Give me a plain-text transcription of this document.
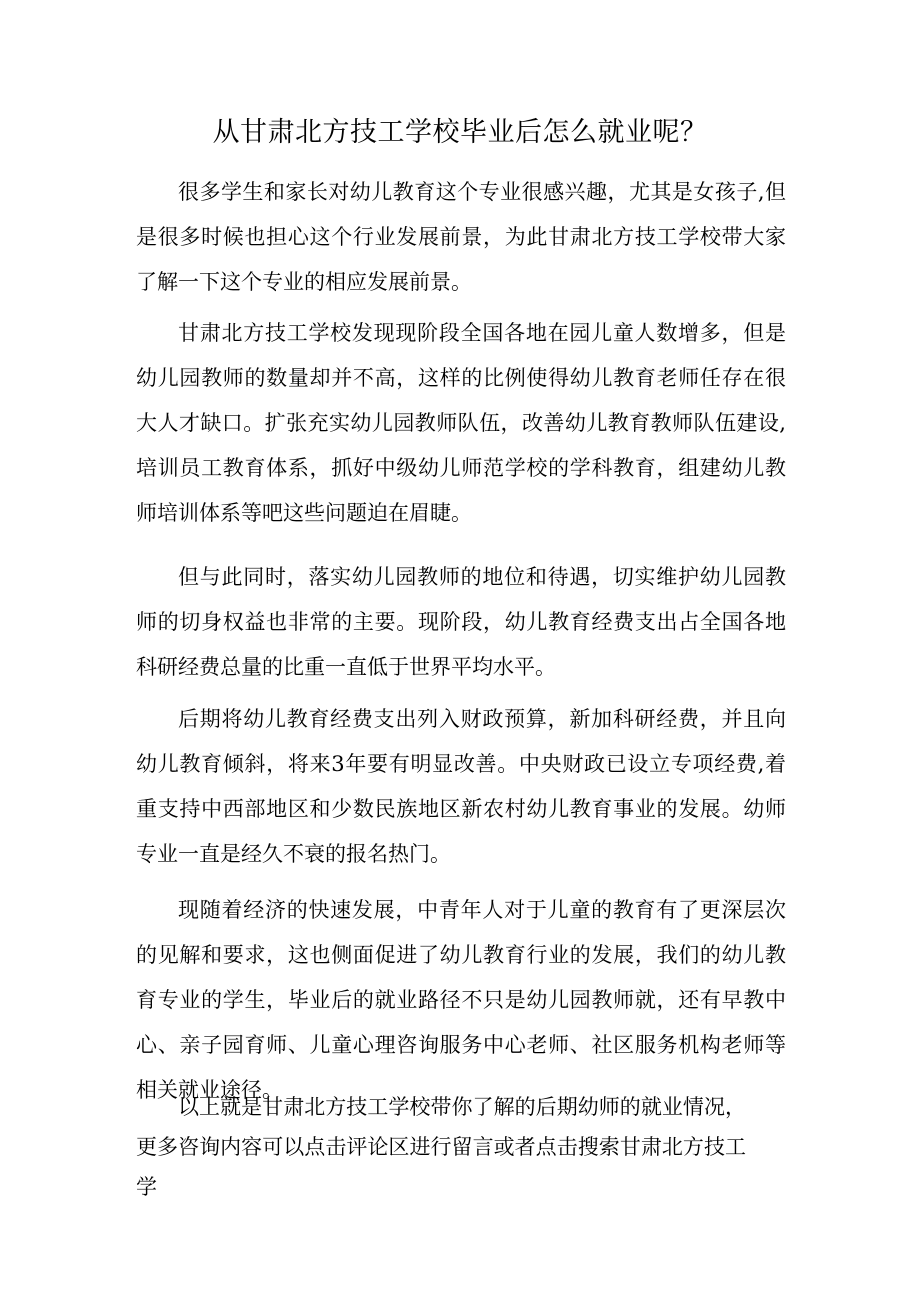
从甘肃北方技工学校毕业后怎么就业呢？

很多学生和家长对幼儿教育这个专业很感兴趣，尤其是女孩子,但是很多时候也担心这个行业发展前景，为此甘肃北方技工学校带大家了解一下这个专业的相应发展前景。

甘肃北方技工学校发现现阶段全国各地在园儿童人数增多，但是幼儿园教师的数量却并不高，这样的比例使得幼儿教育老师任存在很大人才缺口。扩张充实幼儿园教师队伍，改善幼儿教育教师队伍建设,培训员工教育体系，抓好中级幼儿师范学校的学科教育，组建幼儿教师培训体系等吧这些问题迫在眉睫。

但与此同时，落实幼儿园教师的地位和待遇，切实维护幼儿园教师的切身权益也非常的主要。现阶段，幼儿教育经费支出占全国各地科研经费总量的比重一直低于世界平均水平。

后期将幼儿教育经费支出列入财政预算，新加科研经费，并且向幼儿教育倾斜，将来3年要有明显改善。中央财政已设立专项经费,着重支持中西部地区和少数民族地区新农村幼儿教育事业的发展。幼师专业一直是经久不衰的报名热门。

现随着经济的快速发展，中青年人对于儿童的教育有了更深层次的见解和要求，这也侧面促进了幼儿教育行业的发展，我们的幼儿教育专业的学生，毕业后的就业路径不只是幼儿园教师就，还有早教中心、亲子园育师、儿童心理咨询服务中心老师、社区服务机构老师等相关就业途径。

以上就是甘肃北方技工学校带你了解的后期幼师的就业情况，更多咨询内容可以点击评论区进行留言或者点击搜索甘肃北方技工学
